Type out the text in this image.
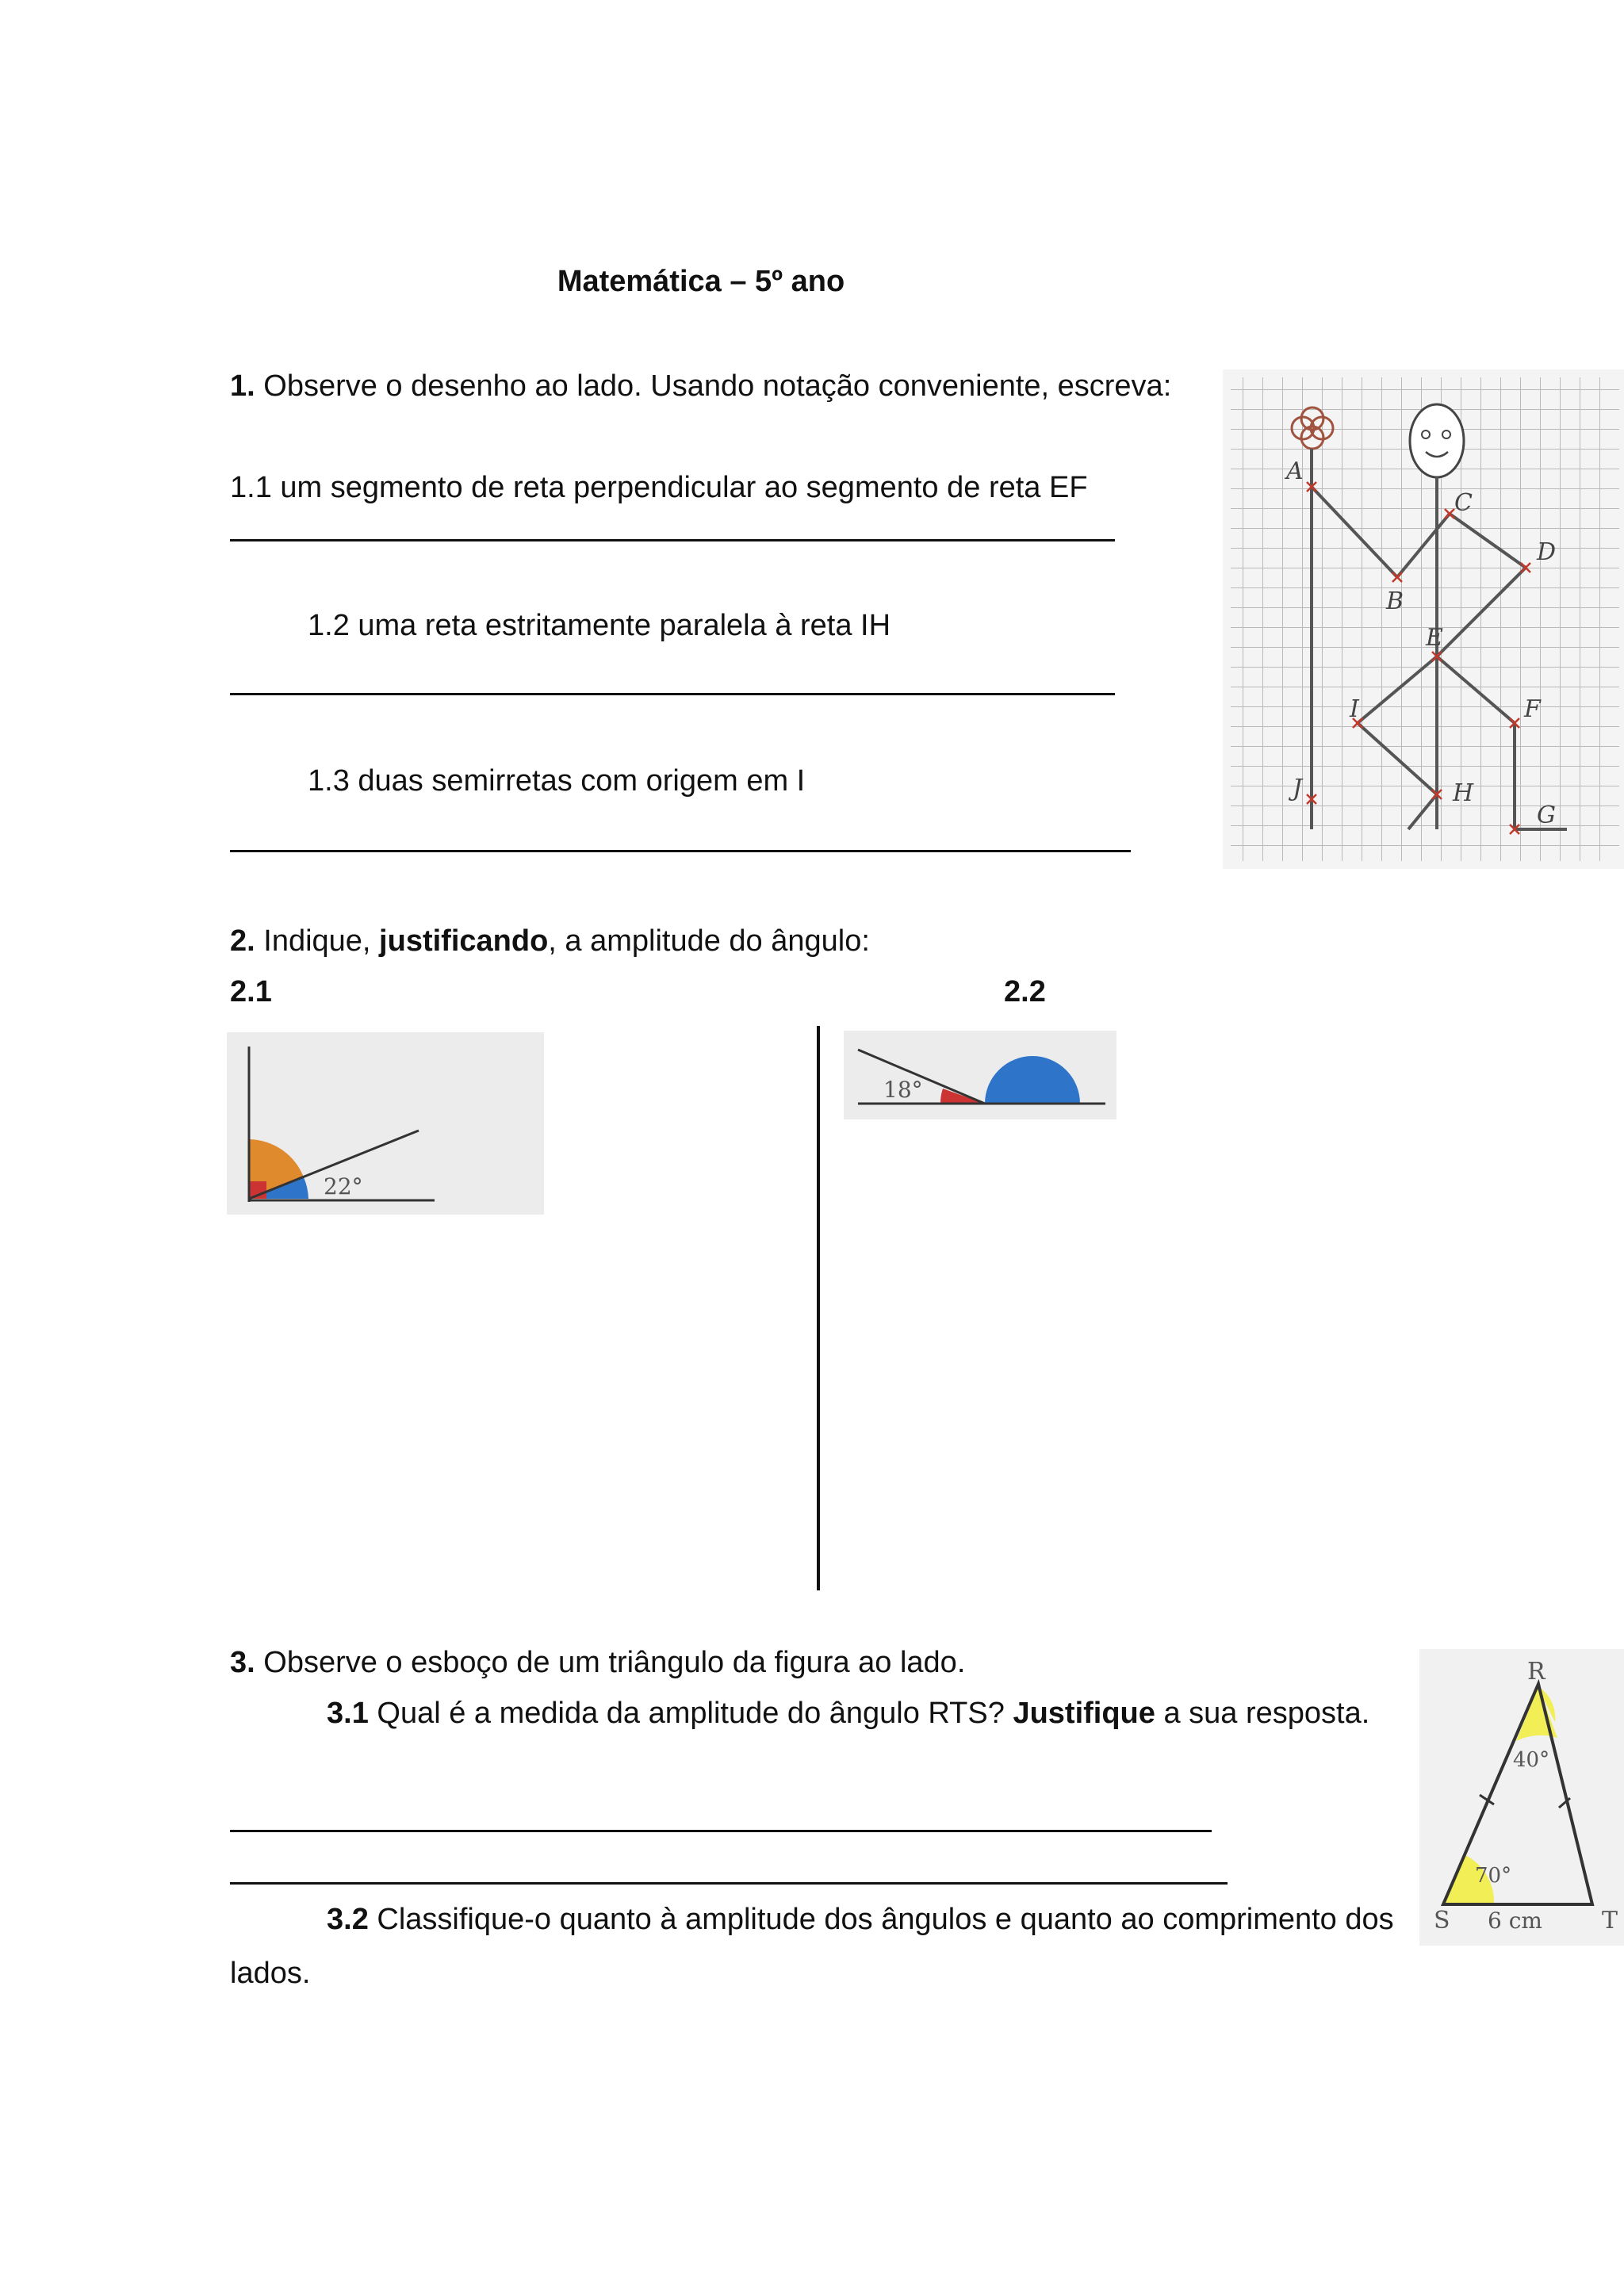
Matemática – 5º ano
1. Observe o desenho ao lado. Usando notação conveniente, escreva:
1.1 um segmento de reta perpendicular ao segmento de reta EF
1.2 uma reta estritamente paralela à reta IH
1.3 duas semirretas com origem em I
A
B
C
D
E
F
G
H
I
J
2. Indique, justificando, a amplitude do ângulo:
2.1	2.2
22°
18°
3. Observe o esboço de um triângulo da figura ao lado.
3.1 Qual é a medida da amplitude do ângulo RTS? Justifique a sua resposta.
3.2 Classifique-o quanto à amplitude dos ângulos e quanto ao comprimento dos
lados.
R
S	T
40°
70°
6 cm
